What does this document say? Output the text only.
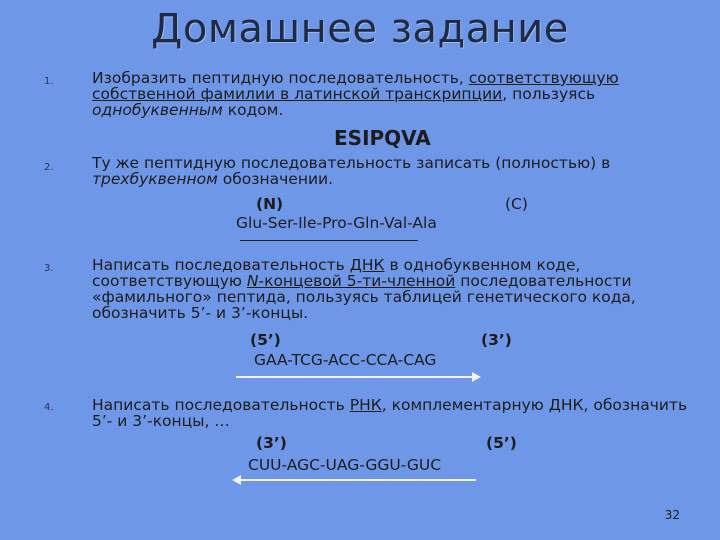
Домашнее задание
1. Изобразить пептидную последовательность, соответствующую собственной фамилии в латинской транскрипции, пользуясь однобуквенным кодом.
ESIPQVA
2. Ту же пептидную последовательность записать (полностью) в трехбуквенном обозначении.
(N)	(C)
Glu-Ser-Ile-Pro-Gln-Val-Ala
3. Написать последовательность ДНК в однобуквенном коде, соответствующую N-концевой 5-ти-членной последовательности «фамильного» пептида, пользуясь таблицей генетического кода, обозначить 5’- и 3’-концы.
(5’)	(3’)
GAA-TCG-ACC-CCA-CAG
4. Написать последовательность РНК, комплементарную ДНК, обозначить 5’- и 3’-концы, …
(3’)	(5’)
CUU-AGC-UAG-GGU-GUC
32
